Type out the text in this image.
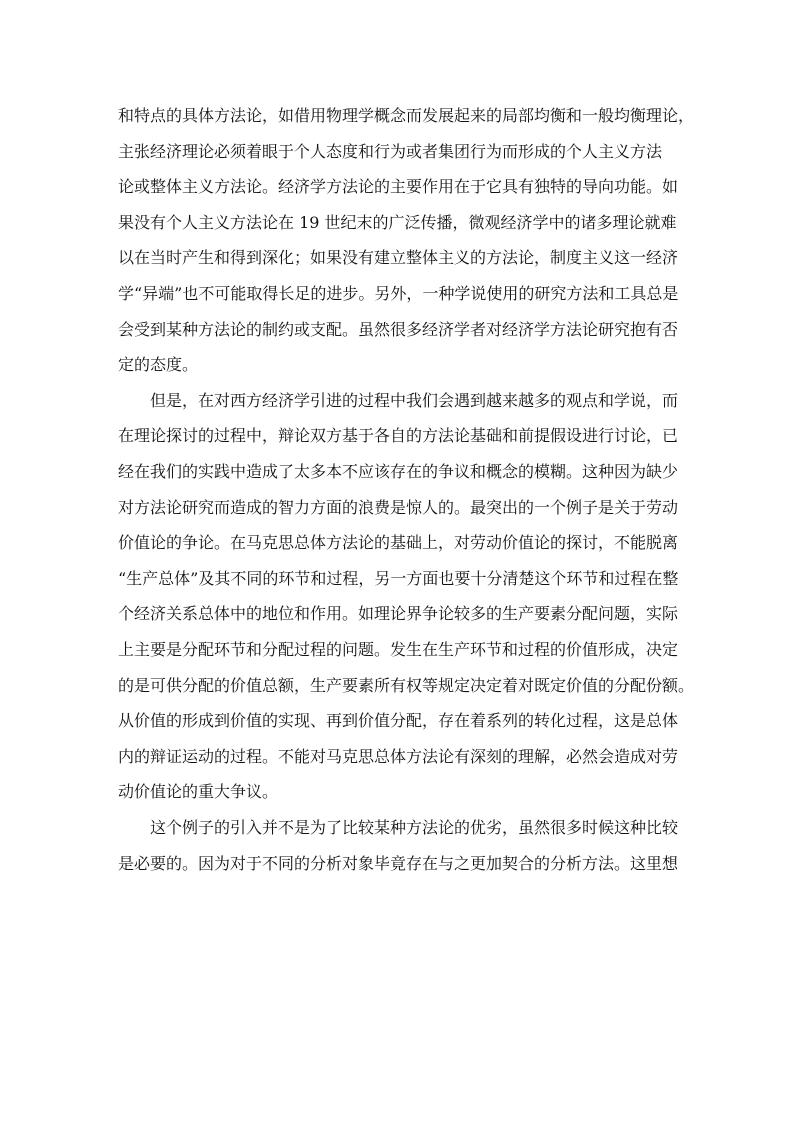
和特点的具体方法论，如借用物理学概念而发展起来的局部均衡和一般均衡理论，
主张经济理论必须着眼于个人态度和行为或者集团行为而形成的个人主义方法
论或整体主义方法论。经济学方法论的主要作用在于它具有独特的导向功能。如
果没有个人主义方法论在 19 世纪末的广泛传播，微观经济学中的诸多理论就难
以在当时产生和得到深化；如果没有建立整体主义的方法论，制度主义这一经济
学“异端”也不可能取得长足的进步。另外，一种学说使用的研究方法和工具总是
会受到某种方法论的制约或支配。虽然很多经济学者对经济学方法论研究抱有否
定的态度。
但是，在对西方经济学引进的过程中我们会遇到越来越多的观点和学说，而
在理论探讨的过程中，辩论双方基于各自的方法论基础和前提假设进行讨论，已
经在我们的实践中造成了太多本不应该存在的争议和概念的模糊。这种因为缺少
对方法论研究而造成的智力方面的浪费是惊人的。最突出的一个例子是关于劳动
价值论的争论。在马克思总体方法论的基础上，对劳动价值论的探讨，不能脱离
“生产总体”及其不同的环节和过程，另一方面也要十分清楚这个环节和过程在整
个经济关系总体中的地位和作用。如理论界争论较多的生产要素分配问题，实际
上主要是分配环节和分配过程的问题。发生在生产环节和过程的价值形成，决定
的是可供分配的价值总额，生产要素所有权等规定决定着对既定价值的分配份额。
从价值的形成到价值的实现、再到价值分配，存在着系列的转化过程，这是总体
内的辩证运动的过程。不能对马克思总体方法论有深刻的理解，必然会造成对劳
动价值论的重大争议。
这个例子的引入并不是为了比较某种方法论的优劣，虽然很多时候这种比较
是必要的。因为对于不同的分析对象毕竟存在与之更加契合的分析方法。这里想
